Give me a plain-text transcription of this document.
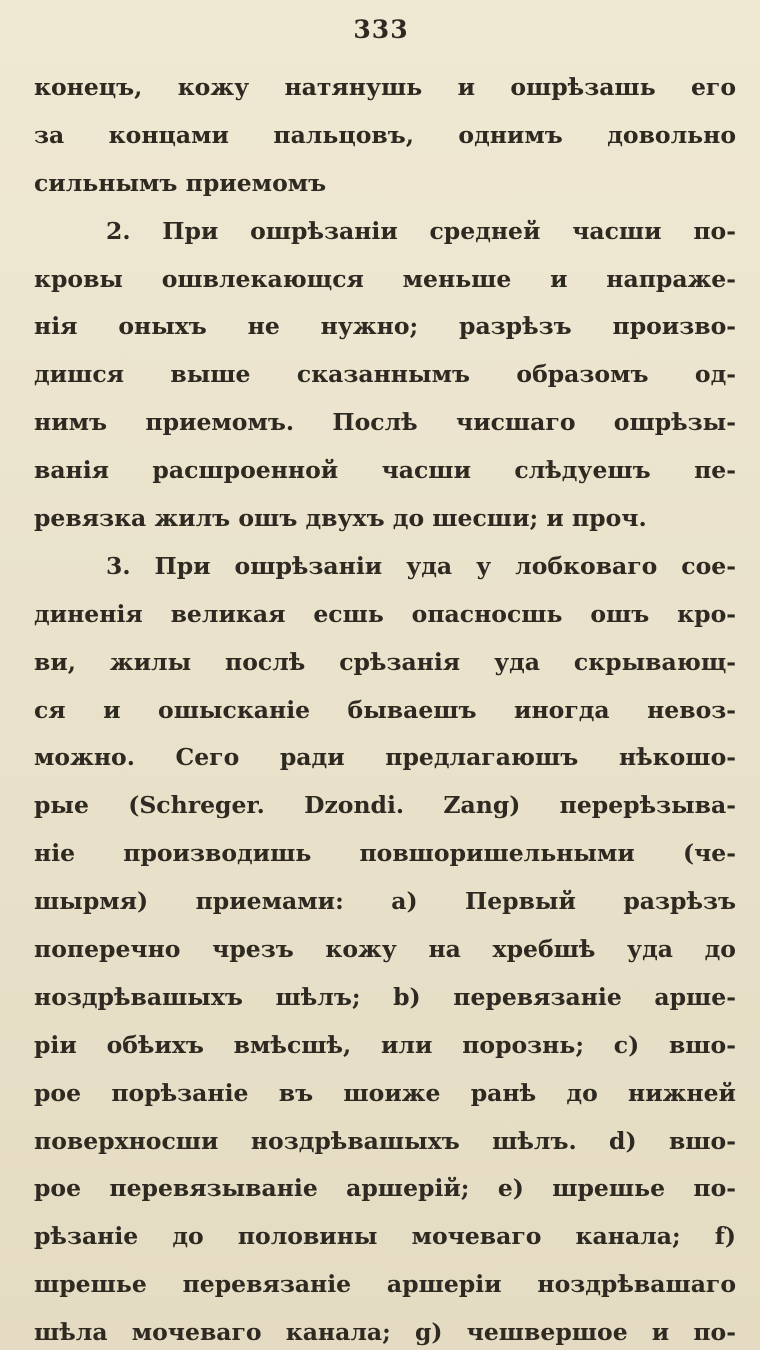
333
конецъ, кожу натянушь и ошрѣзашь его
за концами пальцовъ, однимъ довольно
сильнымъ приемомъ
2. При ошрѣзаніи средней часши по-
кровы ошвлекающся меньше и напраже-
нія оныхъ не нужно; разрѣзъ произво-
дишся выше сказаннымъ образомъ од-
нимъ приемомъ. Послѣ чисшаго ошрѣзы-
ванія расшроенной часши слѣдуешъ пе-
ревязка жилъ ошъ двухъ до шесши; и проч.
3. При ошрѣзаніи уда у лобковаго сое-
диненія великая есшь опасносшь ошъ кро-
ви, жилы послѣ срѣзанія уда скрывающ-
ся и ошысканіе бываешъ иногда невоз-
можно. Сего ради предлагаюшъ нѣкошо-
рые (Schreger. Dzondi. Zang) перерѣзыва-
ніе производишь повшоришельными (че-
шырмя) приемами: a) Первый разрѣзъ
поперечно чрезъ кожу на хребшѣ уда до
ноздрѣвашыхъ шѣлъ; b) перевязаніе арше-
ріи обѣихъ вмѣсшѣ, или порознь; c) вшо-
рое порѣзаніе въ шоиже ранѣ до нижней
поверхносши ноздрѣвашыхъ шѣлъ. d) вшо-
рое перевязываніе аршерій; e) шрешье по-
рѣзаніе до половины мочеваго канала; f)
шрешье перевязаніе аршеріи ноздрѣвашаго
шѣла мочеваго канала; g) чешвершое и по-
